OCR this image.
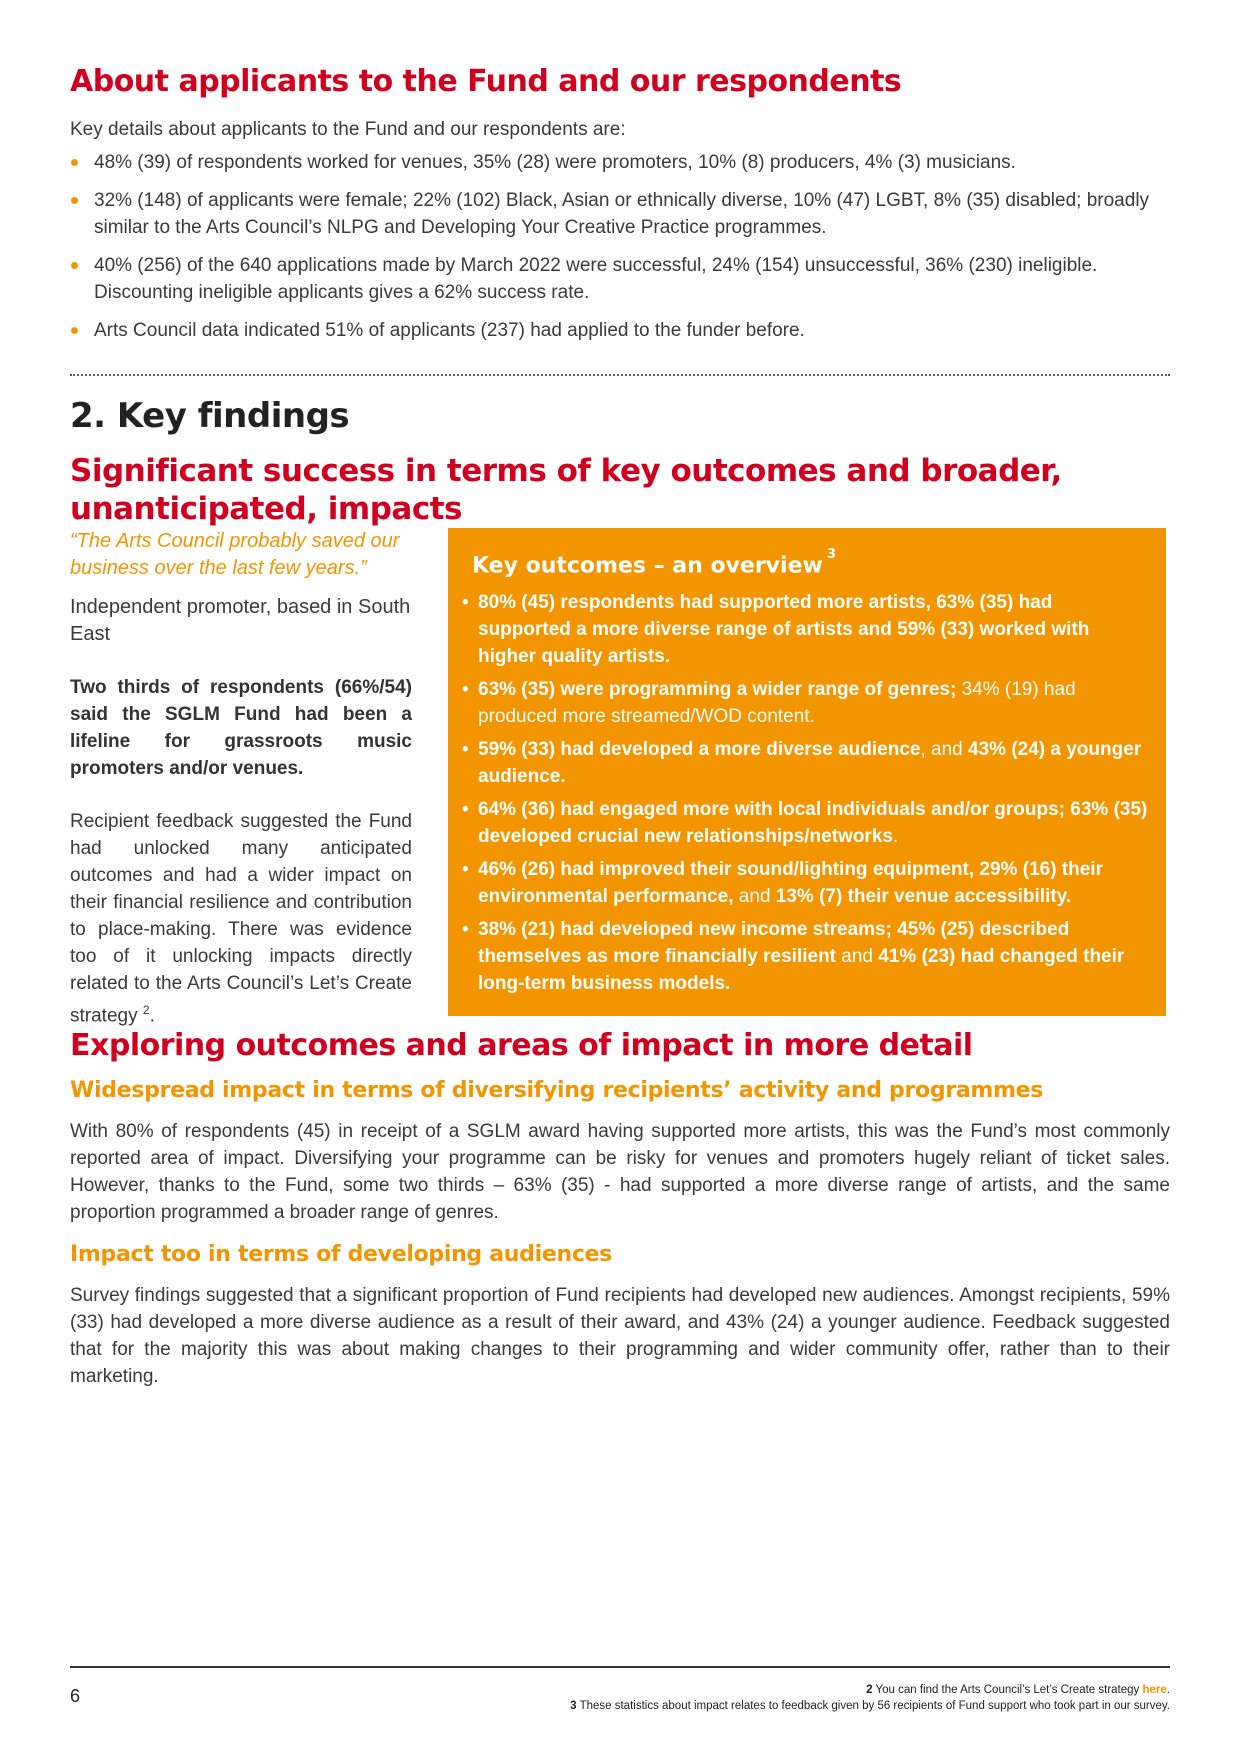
About applicants to the Fund and our respondents

Key details about applicants to the Fund and our respondents are:

48% (39) of respondents worked for venues, 35% (28) were promoters, 10% (8) producers, 4% (3) musicians.
32% (148) of applicants were female; 22% (102) Black, Asian or ethnically diverse, 10% (47) LGBT, 8% (35) disabled; broadly similar to the Arts Council’s NLPG and Developing Your Creative Practice programmes.
40% (256) of the 640 applications made by March 2022 were successful, 24% (154) unsuccessful, 36% (230) ineligible. Discounting ineligible applicants gives a 62% success rate.
Arts Council data indicated 51% of applicants (237) had applied to the funder before.
2. Key findings
Significant success in terms of key outcomes and broader, unanticipated, impacts

“The Arts Council probably saved our business over the last few years.”

Independent promoter, based in South East

Two thirds of respondents (66%/54) said the SGLM Fund had been a lifeline for grassroots music promoters and/or venues.

Recipient feedback suggested the Fund had unlocked many anticipated outcomes and had a wider impact on their financial resilience and contribution to place-making. There was evidence too of it unlocking impacts directly related to the Arts Council’s Let’s Create strategy $^2$.

Key outcomes – an overview $^3$
• 80% (45) respondents had supported more artists, 63% (35) had supported a more diverse range of artists and 59% (33) worked with higher quality artists.
• 63% (35) were programming a wider range of genres; 34% (19) had produced more streamed/WOD content.
• 59% (33) had developed a more diverse audience, and 43% (24) a younger audience.
• 64% (36) had engaged more with local individuals and/or groups; 63% (35) developed crucial new relationships/networks.
• 46% (26) had improved their sound/lighting equipment, 29% (16) their environmental performance, and 13% (7) their venue accessibility.
• 38% (21) had developed new income streams; 45% (25) described themselves as more financially resilient and 41% (23) had changed their long-term business models.
Exploring outcomes and areas of impact in more detail
Widespread impact in terms of diversifying recipients’ activity and programmes

With 80% of respondents (45) in receipt of a SGLM award having supported more artists, this was the Fund’s most commonly reported area of impact. Diversifying your programme can be risky for venues and promoters hugely reliant of ticket sales. However, thanks to the Fund, some two thirds – 63% (35) - had supported a more diverse range of artists, and the same proportion programmed a broader range of genres.

Impact too in terms of developing audiences

Survey findings suggested that a significant proportion of Fund recipients had developed new audiences. Amongst recipients, 59% (33) had developed a more diverse audience as a result of their award, and 43% (24) a younger audience. Feedback suggested that for the majority this was about making changes to their programming and wider community offer, rather than to their marketing.

6	2 You can find the Arts Council’s Let’s Create strategy here.
3 These statistics about impact relates to feedback given by 56 recipients of Fund support who took part in our survey.
